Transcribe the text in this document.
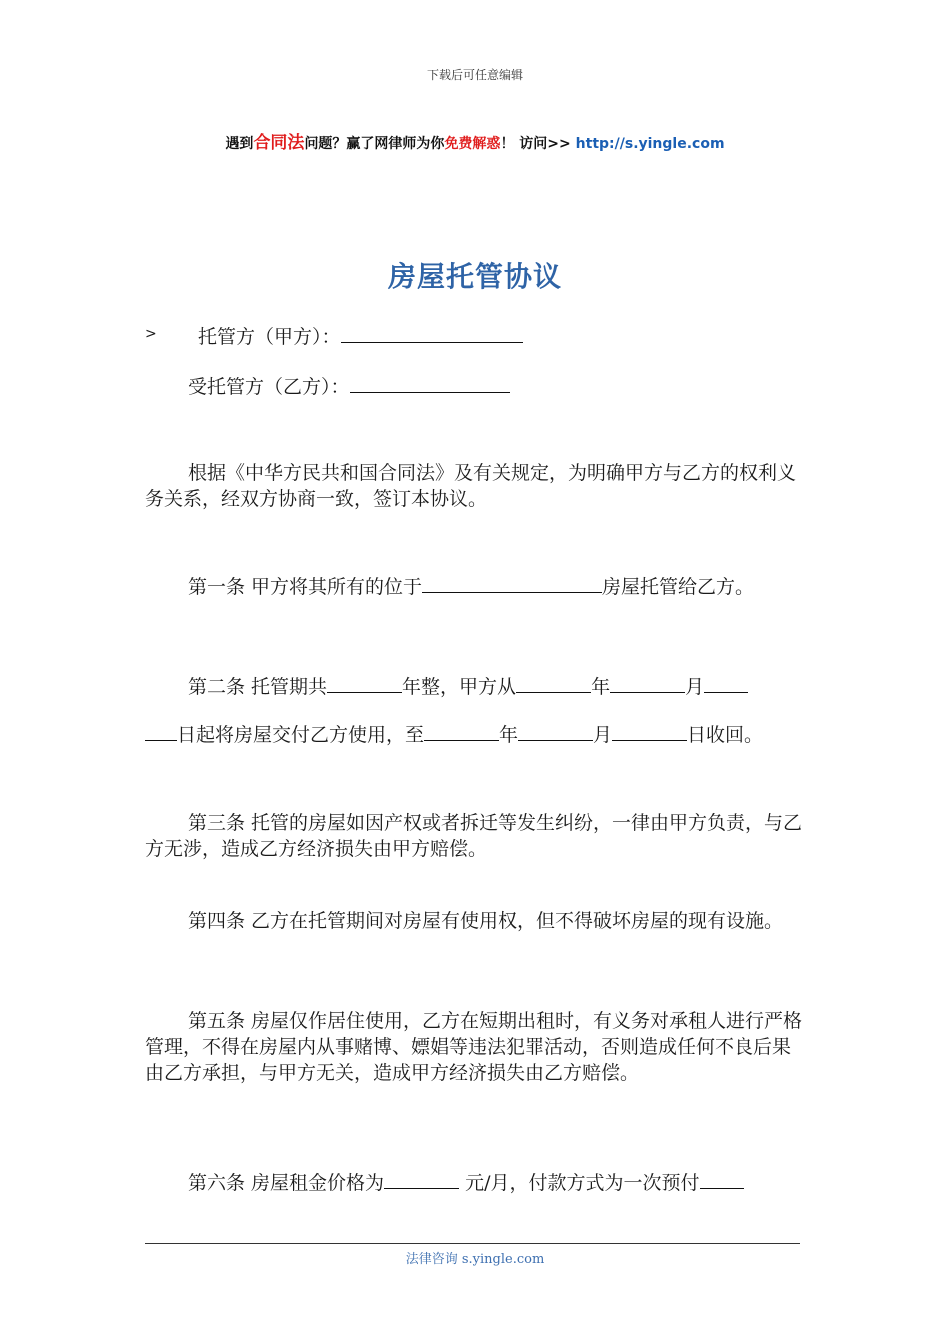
下载后可任意编辑
遇到合同法问题？赢了网律师为你免费解惑！ 访问>> http://s.yingle.com
房屋托管协议
>	托管方（甲方）：
受托管方（乙方）：
根据《中华方民共和国合同法》及有关规定，为明确甲方与乙方的权利义务关系，经双方协商一致，签订本协议。
第一条 甲方将其所有的位于	房屋托管给乙方。
第二条 托管期共	年整，甲方从	年	月
日起将房屋交付乙方使用，至	年	月	日收回。
第三条 托管的房屋如因产权或者拆迁等发生纠纷，一律由甲方负责，与乙方无涉，造成乙方经济损失由甲方赔偿。
第四条 乙方在托管期间对房屋有使用权，但不得破坏房屋的现有设施。
第五条 房屋仅作居住使用，乙方在短期出租时，有义务对承租人进行严格管理，不得在房屋内从事赌博、嫖娼等违法犯罪活动，否则造成任何不良后果由乙方承担，与甲方无关，造成甲方经济损失由乙方赔偿。
第六条 房屋租金价格为	元/月，付款方式为一次预付
法律咨询 s.yingle.com
